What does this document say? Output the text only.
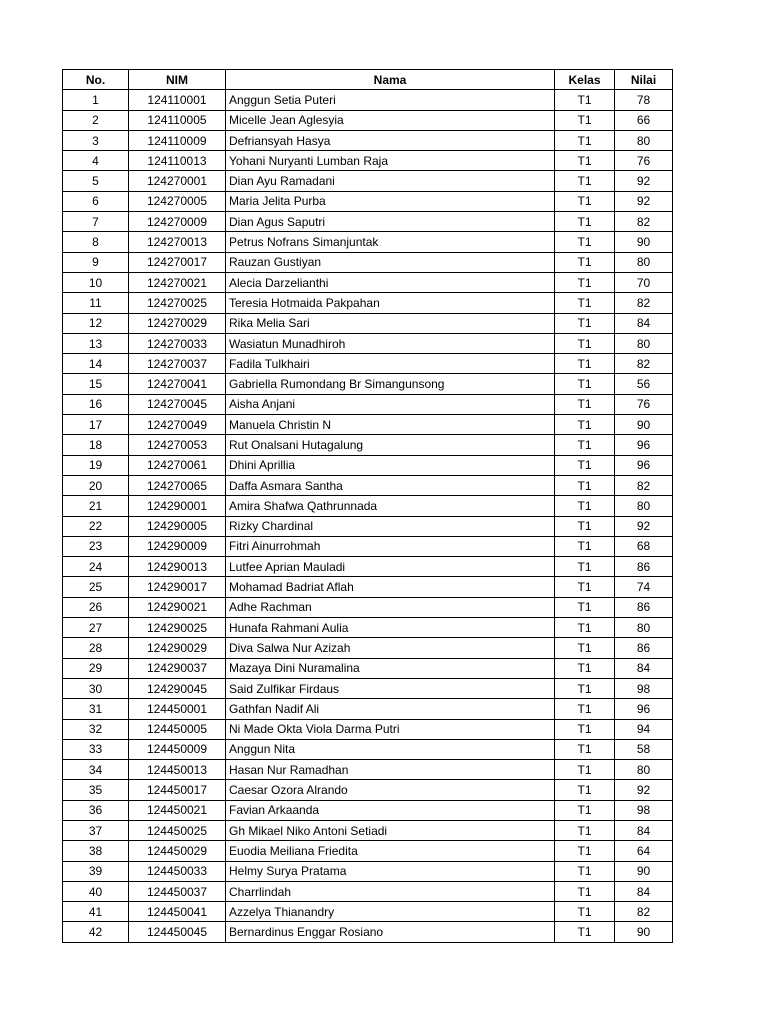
No.	NIM	Nama	Kelas	Nilai
1	124110001	Anggun Setia Puteri	T1	78
2	124110005	Micelle Jean Aglesyia	T1	66
3	124110009	Defriansyah Hasya	T1	80
4	124110013	Yohani Nuryanti Lumban Raja	T1	76
5	124270001	Dian Ayu Ramadani	T1	92
6	124270005	Maria Jelita Purba	T1	92
7	124270009	Dian Agus Saputri	T1	82
8	124270013	Petrus Nofrans Simanjuntak	T1	90
9	124270017	Rauzan Gustiyan	T1	80
10	124270021	Alecia Darzelianthi	T1	70
11	124270025	Teresia Hotmaida Pakpahan	T1	82
12	124270029	Rika Melia Sari	T1	84
13	124270033	Wasiatun Munadhiroh	T1	80
14	124270037	Fadila Tulkhairi	T1	82
15	124270041	Gabriella Rumondang Br Simangunsong	T1	56
16	124270045	Aisha Anjani	T1	76
17	124270049	Manuela Christin N	T1	90
18	124270053	Rut Onalsani Hutagalung	T1	96
19	124270061	Dhini Aprillia	T1	96
20	124270065	Daffa Asmara Santha	T1	82
21	124290001	Amira Shafwa Qathrunnada	T1	80
22	124290005	Rizky Chardinal	T1	92
23	124290009	Fitri Ainurrohmah	T1	68
24	124290013	Lutfee Aprian Mauladi	T1	86
25	124290017	Mohamad Badriat Aflah	T1	74
26	124290021	Adhe Rachman	T1	86
27	124290025	Hunafa Rahmani Aulia	T1	80
28	124290029	Diva Salwa Nur Azizah	T1	86
29	124290037	Mazaya Dini Nuramalina	T1	84
30	124290045	Said Zulfikar Firdaus	T1	98
31	124450001	Gathfan Nadif Ali	T1	96
32	124450005	Ni Made Okta Viola Darma Putri	T1	94
33	124450009	Anggun Nita	T1	58
34	124450013	Hasan Nur Ramadhan	T1	80
35	124450017	Caesar Ozora Alrando	T1	92
36	124450021	Favian Arkaanda	T1	98
37	124450025	Gh Mikael Niko Antoni Setiadi	T1	84
38	124450029	Euodia Meiliana Friedita	T1	64
39	124450033	Helmy Surya Pratama	T1	90
40	124450037	Charrlindah	T1	84
41	124450041	Azzelya Thianandry	T1	82
42	124450045	Bernardinus Enggar Rosiano	T1	90
